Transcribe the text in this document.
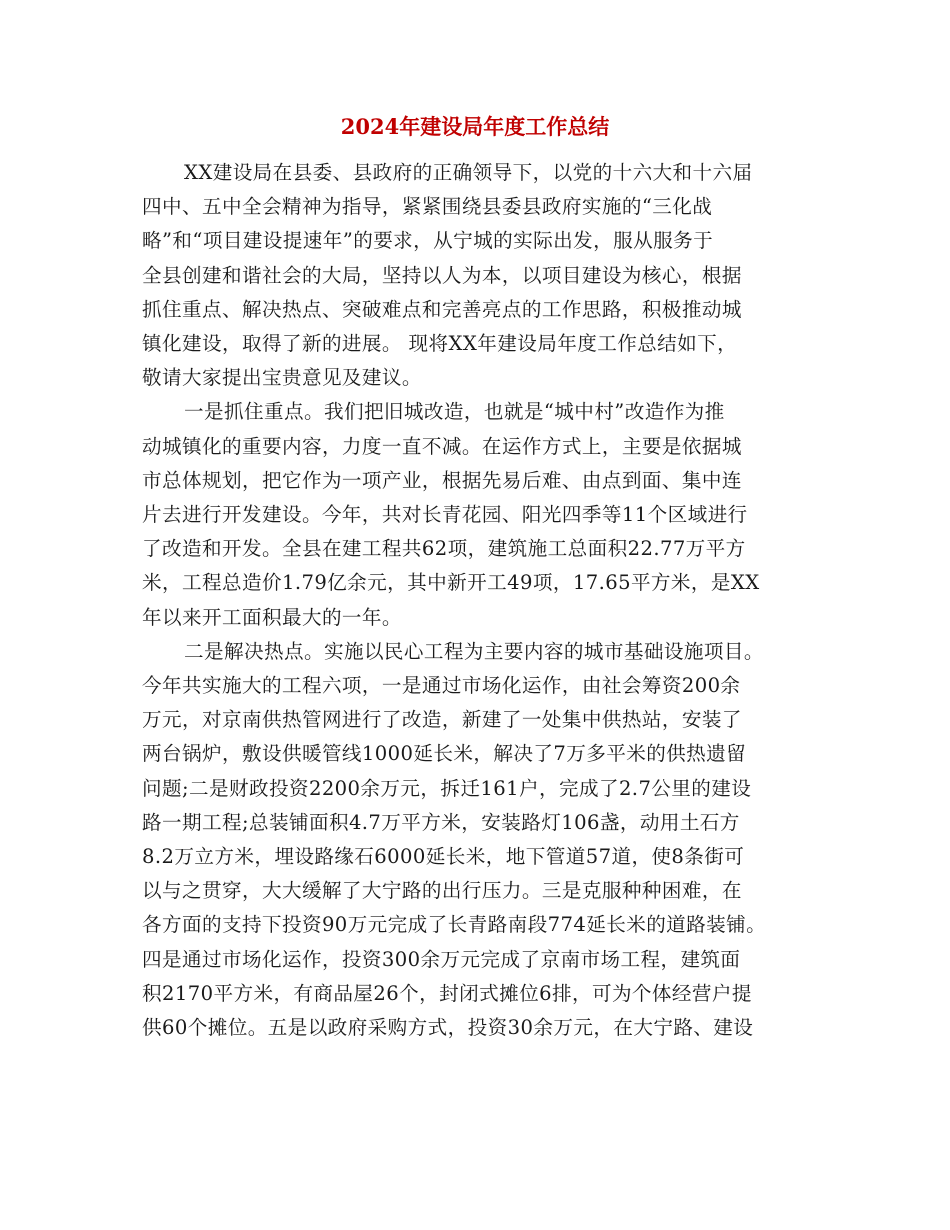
2024年建设局年度工作总结

XX建设局在县委、县政府的正确领导下，以党的十六大和十六届
四中、五中全会精神为指导，紧紧围绕县委县政府实施的“三化战
略”和“项目建设提速年”的要求，从宁城的实际出发，服从服务于
全县创建和谐社会的大局，坚持以人为本，以项目建设为核心，根据
抓住重点、解决热点、突破难点和完善亮点的工作思路，积极推动城
镇化建设，取得了新的进展。 现将XX年建设局年度工作总结如下，
敬请大家提出宝贵意见及建议。

一是抓住重点。我们把旧城改造，也就是“城中村”改造作为推
动城镇化的重要内容，力度一直不减。在运作方式上，主要是依据城
市总体规划，把它作为一项产业，根据先易后难、由点到面、集中连
片去进行开发建设。今年，共对长青花园、阳光四季等11个区域进行
了改造和开发。全县在建工程共62项，建筑施工总面积22.77万平方
米，工程总造价1.79亿余元，其中新开工49项，17.65平方米，是XX
年以来开工面积最大的一年。

二是解决热点。实施以民心工程为主要内容的城市基础设施项目。
今年共实施大的工程六项，一是通过市场化运作，由社会筹资200余
万元，对京南供热管网进行了改造，新建了一处集中供热站，安装了
两台锅炉，敷设供暖管线1000延长米，解决了7万多平米的供热遗留
问题;二是财政投资2200余万元，拆迁161户，完成了2.7公里的建设
路一期工程;总装铺面积4.7万平方米，安装路灯106盏，动用土石方
8.2万立方米，埋设路缘石6000延长米，地下管道57道，使8条街可
以与之贯穿，大大缓解了大宁路的出行压力。三是克服种种困难，在
各方面的支持下投资90万元完成了长青路南段774延长米的道路装铺。
四是通过市场化运作，投资300余万元完成了京南市场工程，建筑面
积2170平方米，有商品屋26个，封闭式摊位6排，可为个体经营户提
供60个摊位。五是以政府采购方式，投资30余万元，在大宁路、建设
